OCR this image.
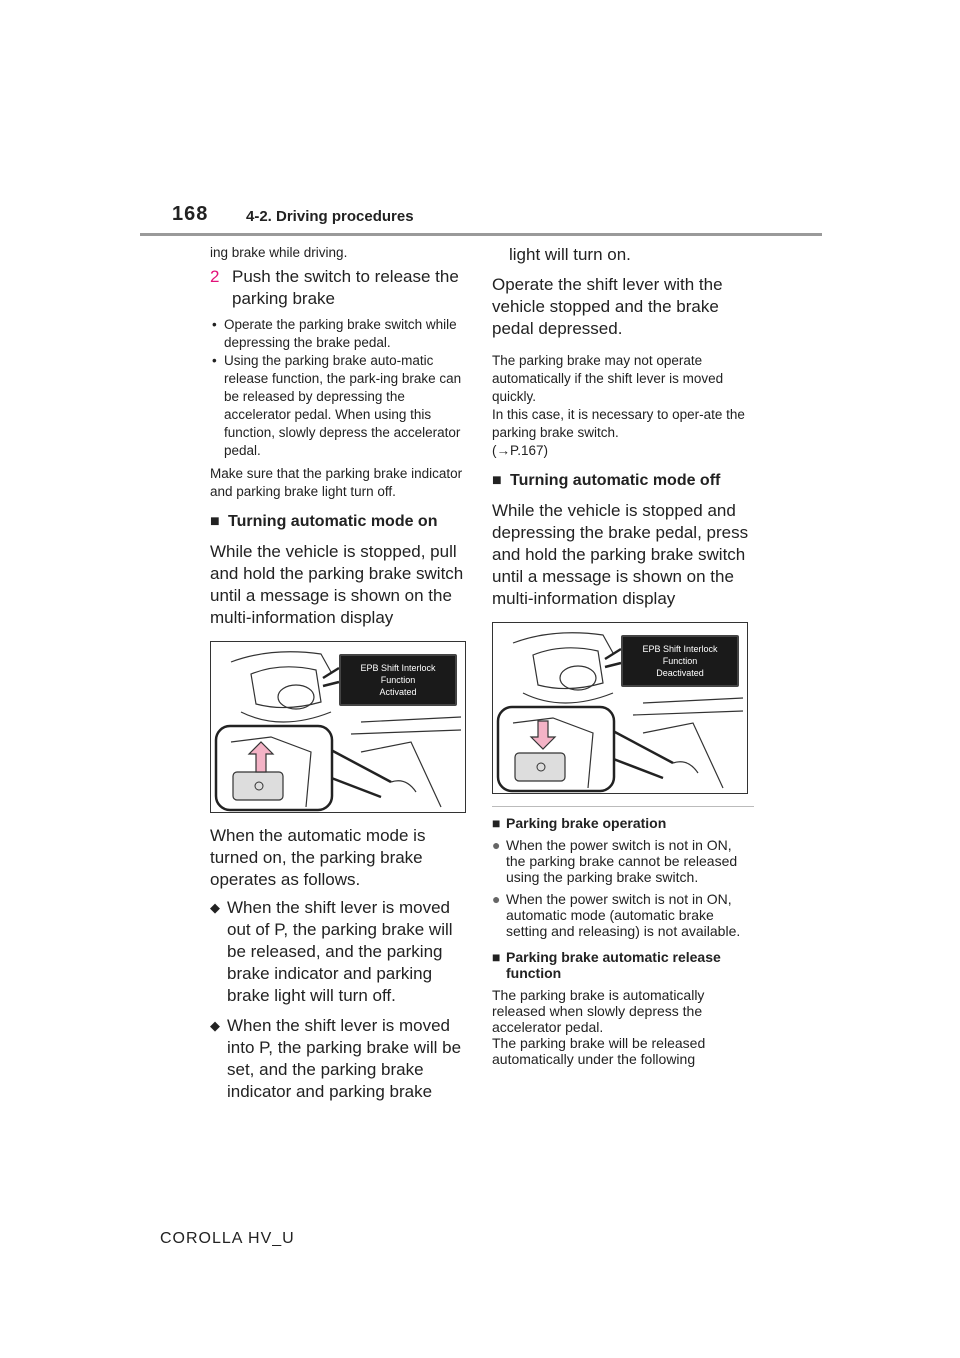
168	4-2. Driving procedures

ing brake while driving.

2 Push the switch to release the parking brake
• Operate the parking brake switch while depressing the brake pedal.
• Using the parking brake auto-matic release function, the park-ing brake can be released by depressing the accelerator pedal. When using this function, slowly depress the accelerator pedal.

Make sure that the parking brake indicator and parking brake light turn off.

■ Turning automatic mode on

While the vehicle is stopped, pull and hold the parking brake switch until a message is shown on the multi-information display

EPB Shift Interlock Function
Activated

When the automatic mode is turned on, the parking brake operates as follows.

◆ When the shift lever is moved out of P, the parking brake will be released, and the parking brake indicator and parking brake light will turn off.
◆ When the shift lever is moved into P, the parking brake will be set, and the parking brake indicator and parking brake

light will turn on.

Operate the shift lever with the vehicle stopped and the brake pedal depressed.

The parking brake may not operate automatically if the shift lever is moved quickly.

In this case, it is necessary to oper-ate the parking brake switch.

(→P.167)

■ Turning automatic mode off

While the vehicle is stopped and depressing the brake pedal, press and hold the parking brake switch until a message is shown on the multi-information display

EPB Shift Interlock Function
Deactivated
■ Parking brake operation
● When the power switch is not in ON, the parking brake cannot be released using the parking brake switch.
● When the power switch is not in ON, automatic mode (automatic brake setting and releasing) is not available.
■ Parking brake automatic release function

The parking brake is automatically released when slowly depress the accelerator pedal.

The parking brake will be released automatically under the following

COROLLA HV_U
